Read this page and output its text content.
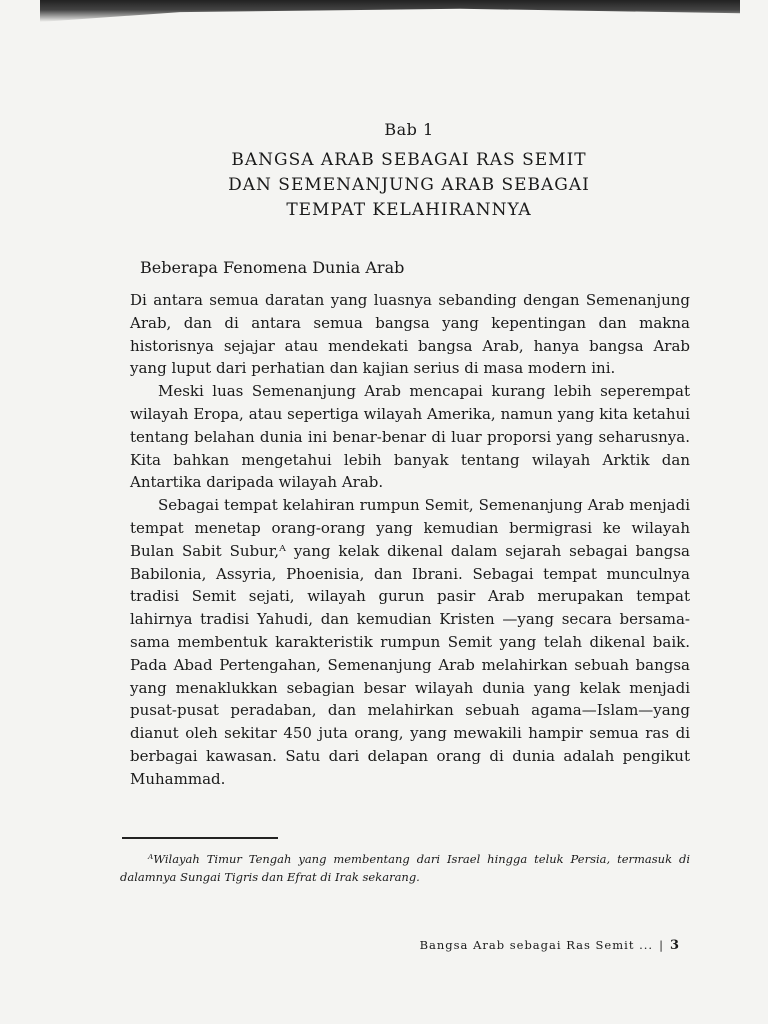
Bab 1
BANGSA ARAB SEBAGAI RAS SEMIT
DAN SEMENANJUNG ARAB SEBAGAI
TEMPAT KELAHIRANNYA
Beberapa Fenomena Dunia Arab

Di antara semua daratan yang luasnya sebanding dengan Semenanjung Arab, dan di antara semua bangsa yang kepentingan dan makna historisnya sejajar atau mendekati bangsa Arab, hanya bangsa Arab yang luput dari perhatian dan kajian serius di masa modern ini.

Meski luas Semenanjung Arab mencapai kurang lebih seperempat wilayah Eropa, atau sepertiga wilayah Amerika, namun yang kita ketahui tentang belahan dunia ini benar-benar di luar proporsi yang seharusnya. Kita bahkan mengetahui lebih banyak tentang wilayah Arktik dan Antartika daripada wilayah Arab.

Sebagai tempat kelahiran rumpun Semit, Semenanjung Arab menjadi tempat menetap orang-orang yang kemudian bermigrasi ke wilayah Bulan Sabit Subur,ᴬ yang kelak dikenal dalam sejarah sebagai bangsa Babilonia, Assyria, Phoenisia, dan Ibrani. Sebagai tempat munculnya tradisi Semit sejati, wilayah gurun pasir Arab merupakan tempat lahirnya tradisi Yahudi, dan kemudian Kristen —yang secara bersama-sama membentuk karakteristik rumpun Semit yang telah dikenal baik. Pada Abad Pertengahan, Semenanjung Arab melahirkan sebuah bangsa yang menaklukkan sebagian besar wilayah dunia yang kelak menjadi pusat-pusat peradaban, dan melahirkan sebuah agama—Islam—yang dianut oleh sekitar 450 juta orang, yang mewakili hampir semua ras di berbagai kawasan. Satu dari delapan orang di dunia adalah pengikut Muhammad.

ᴬWilayah Timur Tengah yang membentang dari Israel hingga teluk Persia, termasuk di dalamnya Sungai Tigris dan Efrat di Irak sekarang.
Bangsa Arab sebagai Ras Semit ... | 3
